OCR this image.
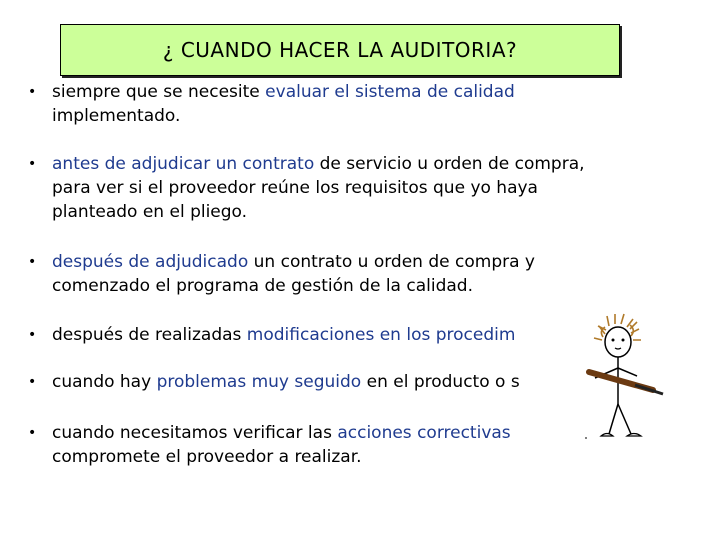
¿ CUANDO HACER LA AUDITORIA?
• siempre que se necesite evaluar el sistema de calidad
implementado.
• antes de adjudicar un contrato de servicio u orden de compra,
para ver si el proveedor reúne los requisitos que yo haya
planteado en el pliego.
• después de adjudicado un contrato u orden de compra y
comenzado el programa de gestión de la calidad.
• después de realizadas modificaciones en los procedim
• cuando hay problemas muy seguido en el producto o s
• cuando necesitamos verificar las acciones correctivas
compromete el proveedor a realizar.
